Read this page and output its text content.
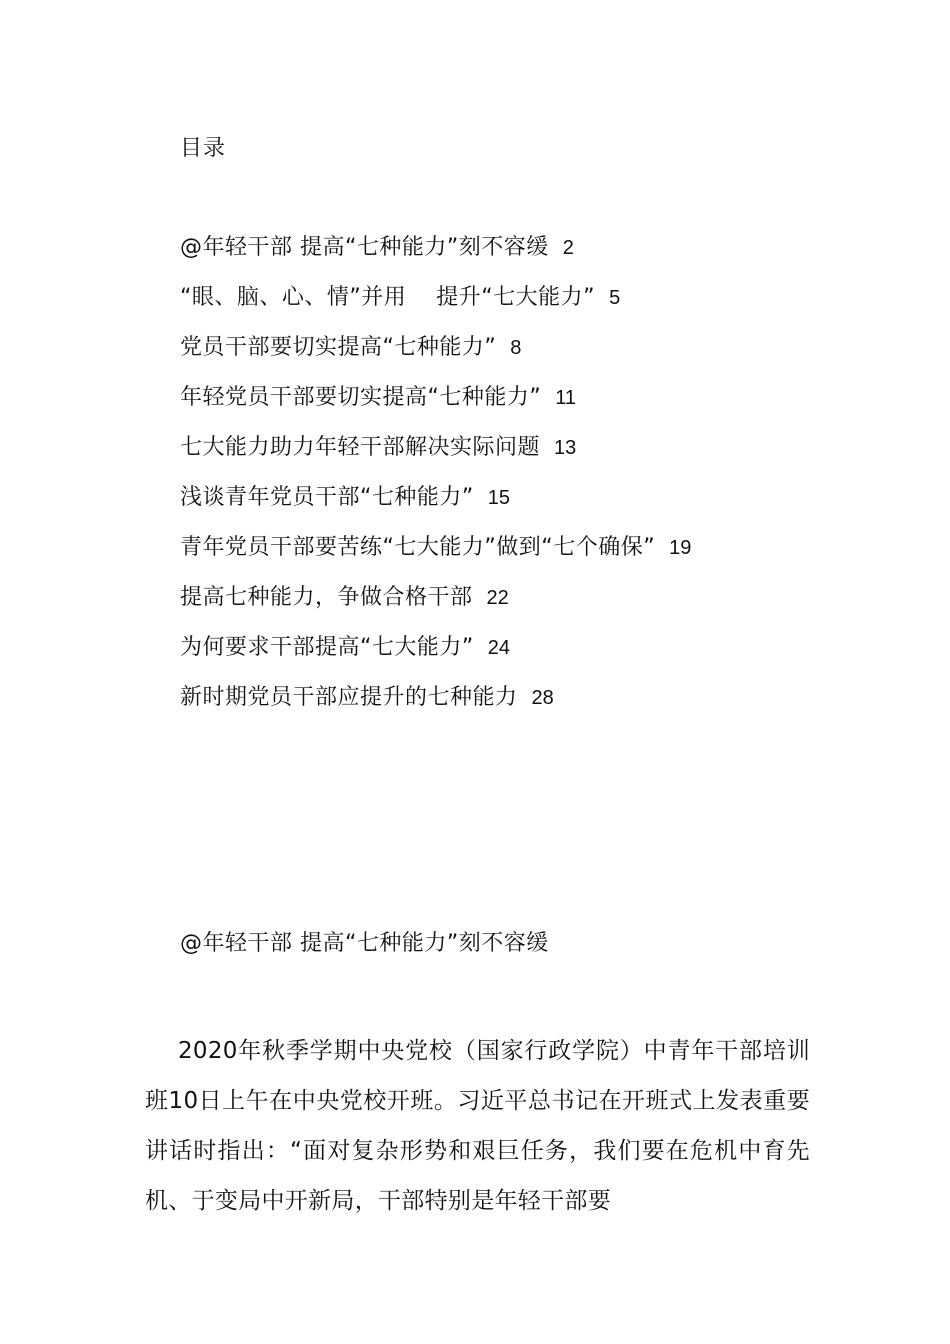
目录
@年轻干部 提高“七种能力”刻不容缓 2
“眼、脑、心、情”并用　 提升“七大能力” 5
党员干部要切实提高“七种能力” 8
年轻党员干部要切实提高“七种能力” 11
七大能力助力年轻干部解决实际问题 13
浅谈青年党员干部“七种能力” 15
青年党员干部要苦练“七大能力”做到“七个确保” 19
提高七种能力，争做合格干部 22
为何要求干部提高“七大能力” 24
新时期党员干部应提升的七种能力 28
@年轻干部 提高“七种能力”刻不容缓

2020年秋季学期中央党校（国家行政学院）中青年干部培训班10日上午在中央党校开班。习近平总书记在开班式上发表重要讲话时指出：“面对复杂形势和艰巨任务，我们要在危机中育先机、于变局中开新局，干部特别是年轻干部要
